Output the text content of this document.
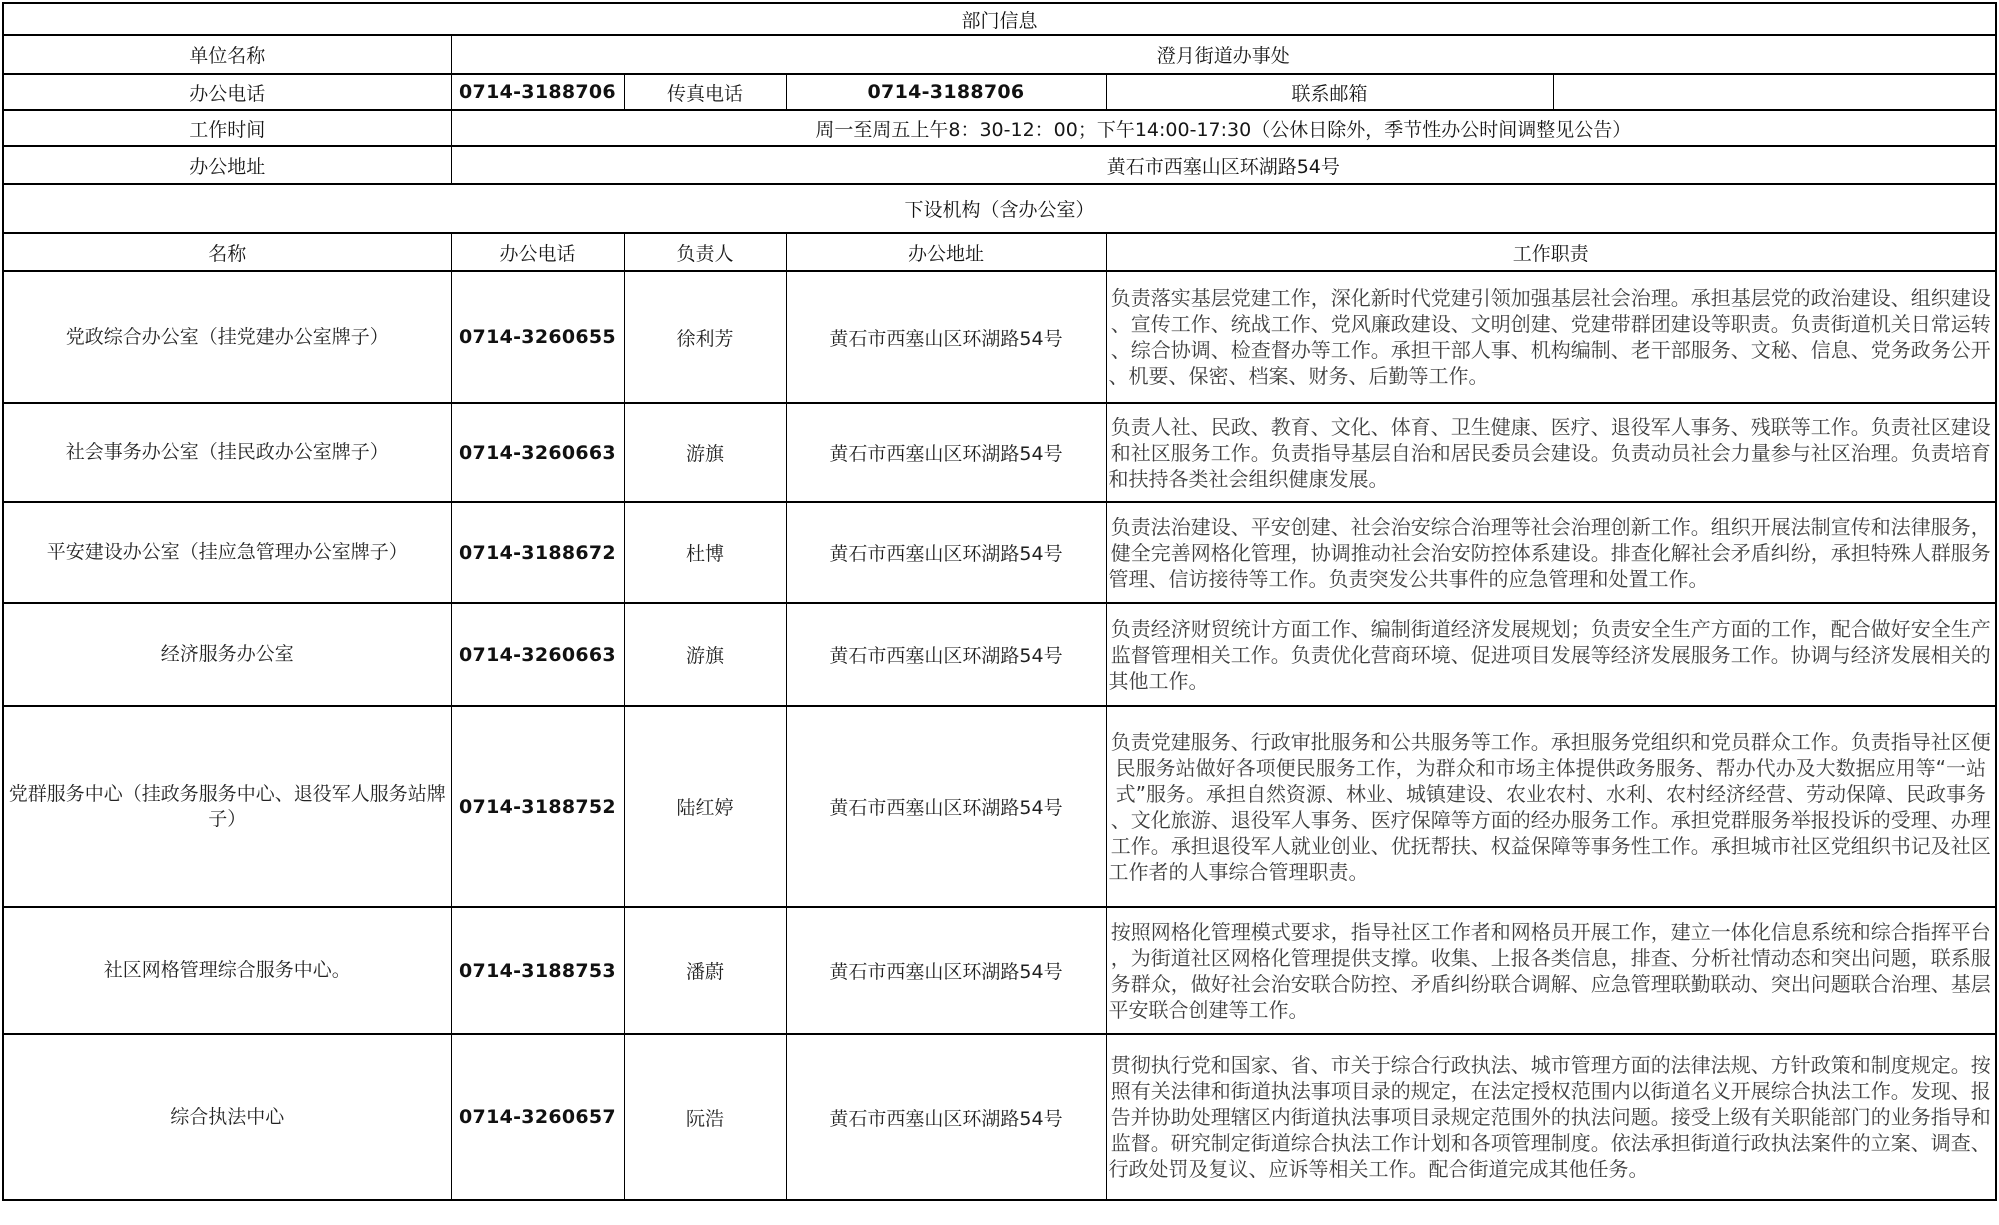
部门信息					
单位名称	澄月街道办事处				
办公电话	0714-3188706	传真电话	0714-3188706	联系邮箱	
工作时间	周一至周五上午8：30-12：00；下午14:00-17:30（公休日除外，季节性办公时间调整见公告）				
办公地址	黄石市西塞山区环湖路54号				
下设机构（含办公室）					
名称	办公电话	负责人	办公地址	工作职责	
党政综合办公室（挂党建办公室牌子）	0714-3260655	徐利芳	黄石市西塞山区环湖路54号	负责落实基层党建工作，深化新时代党建引领加强基层社会治理。承担基层党的政治建设、组织建设、宣传工作、统战工作、党风廉政建设、文明创建、党建带群团建设等职责。负责街道机关日常运转、综合协调、检查督办等工作。承担干部人事、机构编制、老干部服务、文秘、信息、党务政务公开、机要、保密、档案、财务、后勤等工作。	
社会事务办公室（挂民政办公室牌子）	0714-3260663	游旗	黄石市西塞山区环湖路54号	负责人社、民政、教育、文化、体育、卫生健康、医疗、退役军人事务、残联等工作。负责社区建设和社区服务工作。负责指导基层自治和居民委员会建设。负责动员社会力量参与社区治理。负责培育和扶持各类社会组织健康发展。	
平安建设办公室（挂应急管理办公室牌子）	0714-3188672	杜博	黄石市西塞山区环湖路54号	负责法治建设、平安创建、社会治安综合治理等社会治理创新工作。组织开展法制宣传和法律服务，健全完善网格化管理，协调推动社会治安防控体系建设。排查化解社会矛盾纠纷，承担特殊人群服务管理、信访接待等工作。负责突发公共事件的应急管理和处置工作。	
经济服务办公室	0714-3260663	游旗	黄石市西塞山区环湖路54号	负责经济财贸统计方面工作、编制街道经济发展规划；负责安全生产方面的工作，配合做好安全生产监督管理相关工作。负责优化营商环境、促进项目发展等经济发展服务工作。协调与经济发展相关的其他工作。	
党群服务中心（挂政务服务中心、退役军人服务站牌子）	0714-3188752	陆红婷	黄石市西塞山区环湖路54号	负责党建服务、行政审批服务和公共服务等工作。承担服务党组织和党员群众工作。负责指导社区便民服务站做好各项便民服务工作，为群众和市场主体提供政务服务、帮办代办及大数据应用等“一站式”服务。承担自然资源、林业、城镇建设、农业农村、水利、农村经济经营、劳动保障、民政事务、文化旅游、退役军人事务、医疗保障等方面的经办服务工作。承担党群服务举报投诉的受理、办理工作。承担退役军人就业创业、优抚帮扶、权益保障等事务性工作。承担城市社区党组织书记及社区工作者的人事综合管理职责。	
社区网格管理综合服务中心。	0714-3188753	潘蔚	黄石市西塞山区环湖路54号	按照网格化管理模式要求，指导社区工作者和网格员开展工作，建立一体化信息系统和综合指挥平台，为街道社区网格化管理提供支撑。收集、上报各类信息，排查、分析社情动态和突出问题，联系服务群众，做好社会治安联合防控、矛盾纠纷联合调解、应急管理联勤联动、突出问题联合治理、基层平安联合创建等工作。	
综合执法中心	0714-3260657	阮浩	黄石市西塞山区环湖路54号	贯彻执行党和国家、省、市关于综合行政执法、城市管理方面的法律法规、方针政策和制度规定。按照有关法律和街道执法事项目录的规定，在法定授权范围内以街道名义开展综合执法工作。发现、报告并协助处理辖区内街道执法事项目录规定范围外的执法问题。接受上级有关职能部门的业务指导和监督。研究制定街道综合执法工作计划和各项管理制度。依法承担街道行政执法案件的立案、调查、行政处罚及复议、应诉等相关工作。配合街道完成其他任务。	
